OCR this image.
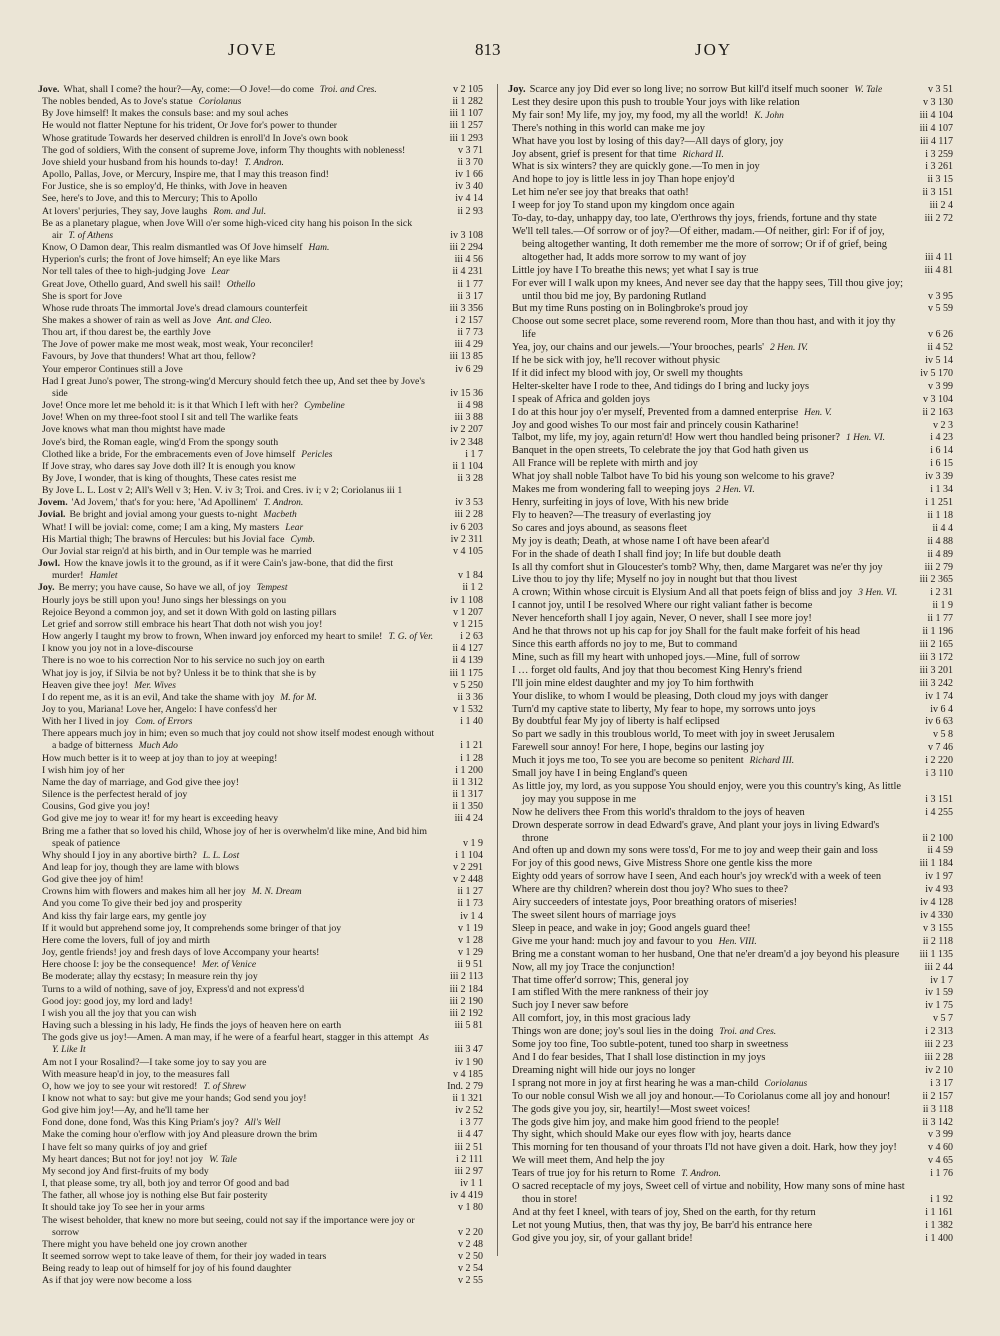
JOVE	813	JOY
Jove. What, shall I come? the hour?—Ay, come:—O Jove!—do come Troi. and Cres.	v 2 105
The nobles bended, As to Jove's statue Coriolanus	ii 1 282
By Jove himself! It makes the consuls base: and my soul aches	iii 1 107
He would not flatter Neptune for his trident, Or Jove for's power to thunder	iii 1 257
Whose gratitude Towards her deserved children is enroll'd In Jove's own book	iii 1 293
The god of soldiers, With the consent of supreme Jove, inform Thy thoughts with nobleness!	v 3 71
Jove shield your husband from his hounds to-day! T. Andron.	ii 3 70
Apollo, Pallas, Jove, or Mercury, Inspire me, that I may this treason find!	iv 1 66
For Justice, she is so employ'd, He thinks, with Jove in heaven	iv 3 40
See, here's to Jove, and this to Mercury; This to Apollo	iv 4 14
At lovers' perjuries, They say, Jove laughs Rom. and Jul.	ii 2 93
Be as a planetary plague, when Jove Will o'er some high-viced city hang his poison In the sick air T. of Athens	iv 3 108
Know, O Damon dear, This realm dismantled was Of Jove himself Ham.	iii 2 294
Hyperion's curls; the front of Jove himself; An eye like Mars	iii 4 56
Nor tell tales of thee to high-judging Jove Lear	ii 4 231
Great Jove, Othello guard, And swell his sail! Othello	ii 1 77
She is sport for Jove	ii 3 17
Whose rude throats The immortal Jove's dread clamours counterfeit	iii 3 356
She makes a shower of rain as well as Jove Ant. and Cleo.	i 2 157
Thou art, if thou darest be, the earthly Jove	ii 7 73
The Jove of power make me most weak, most weak, Your reconciler!	iii 4 29
Favours, by Jove that thunders! What art thou, fellow?	iii 13 85
Your emperor Continues still a Jove	iv 6 29
Had I great Juno's power, The strong-wing'd Mercury should fetch thee up, And set thee by Jove's side	iv 15 36
Jove! Once more let me behold it: is it that Which I left with her? Cymbeline	ii 4 98
Jove! When on my three-foot stool I sit and tell The warlike feats	iii 3 88
Jove knows what man thou mightst have made	iv 2 207
Jove's bird, the Roman eagle, wing'd From the spongy south	iv 2 348
Clothed like a bride, For the embracements even of Jove himself Pericles	i 1 7
If Jove stray, who dares say Jove doth ill? It is enough you know	ii 1 104
By Jove, I wonder, that is king of thoughts, These cates resist me	ii 3 28
By Jove L. L. Lost v 2; All's Well v 3; Hen. V. iv 3; Troi. and Cres. iv i; v 2; Coriolanus iii 1
Jovem. 'Ad Jovem,' that's for you: here, 'Ad Apollinem' T. Andron.	iv 3 53
Jovial. Be bright and jovial among your guests to-night Macbeth	iii 2 28
What! I will be jovial: come, come; I am a king, My masters Lear	iv 6 203
His Martial thigh; The brawns of Hercules: but his Jovial face Cymb.	iv 2 311
Our Jovial star reign'd at his birth, and in Our temple was he married	v 4 105
Jowl. How the knave jowls it to the ground, as if it were Cain's jaw-bone, that did the first murder! Hamlet	v 1 84
Joy. Be merry; you have cause, So have we all, of joy Tempest	ii 1 2
Hourly joys be still upon you! Juno sings her blessings on you	iv 1 108
Rejoice Beyond a common joy, and set it down With gold on lasting pillars	v 1 207
Let grief and sorrow still embrace his heart That doth not wish you joy!	v 1 215
How angerly I taught my brow to frown, When inward joy enforced my heart to smile! T. G. of Ver.	i 2 63
I know you joy not in a love-discourse	ii 4 127
There is no woe to his correction Nor to his service no such joy on earth	ii 4 139
What joy is joy, if Silvia be not by? Unless it be to think that she is by	iii 1 175
Heaven give thee joy! Mer. Wives	v 5 250
I do repent me, as it is an evil, And take the shame with joy M. for M.	ii 3 36
Joy to you, Mariana! Love her, Angelo: I have confess'd her	v 1 532
With her I lived in joy Com. of Errors	i 1 40
There appears much joy in him; even so much that joy could not show itself modest enough without a badge of bitterness Much Ado	i 1 21
How much better is it to weep at joy than to joy at weeping!	i 1 28
I wish him joy of her	i 1 200
Name the day of marriage, and God give thee joy!	ii 1 312
Silence is the perfectest herald of joy	ii 1 317
Cousins, God give you joy!	ii 1 350
God give me joy to wear it! for my heart is exceeding heavy	iii 4 24
Bring me a father that so loved his child, Whose joy of her is overwhelm'd like mine, And bid him speak of patience	v 1 9
Why should I joy in any abortive birth? L. L. Lost	i 1 104
And leap for joy, though they are lame with blows	v 2 291
God give thee joy of him!	v 2 448
Crowns him with flowers and makes him all her joy M. N. Dream	ii 1 27
And you come To give their bed joy and prosperity	ii 1 73
And kiss thy fair large ears, my gentle joy	iv 1 4
If it would but apprehend some joy, It comprehends some bringer of that joy	v 1 19
Here come the lovers, full of joy and mirth	v 1 28
Joy, gentle friends! joy and fresh days of love Accompany your hearts!	v 1 29
Here choose I: joy be the consequence! Mer. of Venice	ii 9 51
Be moderate; allay thy ecstasy; In measure rein thy joy	iii 2 113
Turns to a wild of nothing, save of joy, Express'd and not express'd	iii 2 184
Good joy: good joy, my lord and lady!	iii 2 190
I wish you all the joy that you can wish	iii 2 192
Having such a blessing in his lady, He finds the joys of heaven here on earth	iii 5 81
The gods give us joy!—Amen. A man may, if he were of a fearful heart, stagger in this attempt As Y. Like It	iii 3 47
Am not I your Rosalind?—I take some joy to say you are	iv 1 90
With measure heap'd in joy, to the measures fall	v 4 185
O, how we joy to see your wit restored! T. of Shrew	Ind. 2 79
I know not what to say: but give me your hands; God send you joy!	ii 1 321
God give him joy!—Ay, and he'll tame her	iv 2 52
Fond done, done fond, Was this King Priam's joy? All's Well	i 3 77
Make the coming hour o'erflow with joy And pleasure drown the brim	ii 4 47
I have felt so many quirks of joy and grief	iii 2 51
My heart dances; But not for joy! not joy W. Tale	i 2 111
My second joy And first-fruits of my body	iii 2 97
I, that please some, try all, both joy and terror Of good and bad	iv 1 1
The father, all whose joy is nothing else But fair posterity	iv 4 419
It should take joy To see her in your arms	v 1 80
The wisest beholder, that knew no more but seeing, could not say if the importance were joy or sorrow	v 2 20
There might you have beheld one joy crown another	v 2 48
It seemed sorrow wept to take leave of them, for their joy waded in tears	v 2 50
Being ready to leap out of himself for joy of his found daughter	v 2 54
As if that joy were now become a loss	v 2 55
Joy. Scarce any joy Did ever so long live; no sorrow But kill'd itself much sooner W. Tale	v 3 51
Lest they desire upon this push to trouble Your joys with like relation	v 3 130
My fair son! My life, my joy, my food, my all the world! K. John	iii 4 104
There's nothing in this world can make me joy	iii 4 107
What have you lost by losing of this day?—All days of glory, joy	iii 4 117
Joy absent, grief is present for that time Richard II.	i 3 259
What is six winters? they are quickly gone.—To men in joy	i 3 261
And hope to joy is little less in joy Than hope enjoy'd	ii 3 15
Let him ne'er see joy that breaks that oath!	ii 3 151
I weep for joy To stand upon my kingdom once again	iii 2 4
To-day, to-day, unhappy day, too late, O'erthrows thy joys, friends, fortune and thy state	iii 2 72
We'll tell tales.—Of sorrow or of joy?—Of either, madam.—Of neither, girl: For if of joy, being altogether wanting, It doth remember me the more of sorrow; Or if of grief, being altogether had, It adds more sorrow to my want of joy	iii 4 11
Little joy have I To breathe this news; yet what I say is true	iii 4 81
For ever will I walk upon my knees, And never see day that the happy sees, Till thou give joy; until thou bid me joy, By pardoning Rutland	v 3 95
But my time Runs posting on in Bolingbroke's proud joy	v 5 59
Choose out some secret place, some reverend room, More than thou hast, and with it joy thy life	v 6 26
Yea, joy, our chains and our jewels.—'Your brooches, pearls' 2 Hen. IV.	ii 4 52
If he be sick with joy, he'll recover without physic	iv 5 14
If it did infect my blood with joy, Or swell my thoughts	iv 5 170
Helter-skelter have I rode to thee, And tidings do I bring and lucky joys	v 3 99
I speak of Africa and golden joys	v 3 104
I do at this hour joy o'er myself, Prevented from a damned enterprise Hen. V.	ii 2 163
Joy and good wishes To our most fair and princely cousin Katharine!	v 2 3
Talbot, my life, my joy, again return'd! How wert thou handled being prisoner? 1 Hen. VI.	i 4 23
Banquet in the open streets, To celebrate the joy that God hath given us	i 6 14
All France will be replete with mirth and joy	i 6 15
What joy shall noble Talbot have To bid his young son welcome to his grave?	iv 3 39
Makes me from wondering fall to weeping joys 2 Hen. VI.	i 1 34
Henry, surfeiting in joys of love, With his new bride	i 1 251
Fly to heaven?—The treasury of everlasting joy	ii 1 18
So cares and joys abound, as seasons fleet	ii 4 4
My joy is death; Death, at whose name I oft have been afear'd	ii 4 88
For in the shade of death I shall find joy; In life but double death	ii 4 89
Is all thy comfort shut in Gloucester's tomb? Why, then, dame Margaret was ne'er thy joy	iii 2 79
Live thou to joy thy life; Myself no joy in nought but that thou livest	iii 2 365
A crown; Within whose circuit is Elysium And all that poets feign of bliss and joy 3 Hen. VI.	i 2 31
I cannot joy, until I be resolved Where our right valiant father is become	ii 1 9
Never henceforth shall I joy again, Never, O never, shall I see more joy!	ii 1 77
And he that throws not up his cap for joy Shall for the fault make forfeit of his head	ii 1 196
Since this earth affords no joy to me, But to command	iii 2 165
Mine, such as fill my heart with unhoped joys.—Mine, full of sorrow	iii 3 172
I … forget old faults, And joy that thou becomest King Henry's friend	iii 3 201
I'll join mine eldest daughter and my joy To him forthwith	iii 3 242
Your dislike, to whom I would be pleasing, Doth cloud my joys with danger	iv 1 74
Turn'd my captive state to liberty, My fear to hope, my sorrows unto joys	iv 6 4
By doubtful fear My joy of liberty is half eclipsed	iv 6 63
So part we sadly in this troublous world, To meet with joy in sweet Jerusalem	v 5 8
Farewell sour annoy! For here, I hope, begins our lasting joy	v 7 46
Much it joys me too, To see you are become so penitent Richard III.	i 2 220
Small joy have I in being England's queen	i 3 110
As little joy, my lord, as you suppose You should enjoy, were you this country's king, As little joy may you suppose in me	i 3 151
Now he delivers thee From this world's thraldom to the joys of heaven	i 4 255
Drown desperate sorrow in dead Edward's grave, And plant your joys in living Edward's throne	ii 2 100
And often up and down my sons were toss'd, For me to joy and weep their gain and loss	ii 4 59
For joy of this good news, Give Mistress Shore one gentle kiss the more	iii 1 184
Eighty odd years of sorrow have I seen, And each hour's joy wreck'd with a week of teen	iv 1 97
Where are thy children? wherein dost thou joy? Who sues to thee?	iv 4 93
Airy succeeders of intestate joys, Poor breathing orators of miseries!	iv 4 128
The sweet silent hours of marriage joys	iv 4 330
Sleep in peace, and wake in joy; Good angels guard thee!	v 3 155
Give me your hand: much joy and favour to you Hen. VIII.	ii 2 118
Bring me a constant woman to her husband, One that ne'er dream'd a joy beyond his pleasure iii 1 135
Now, all my joy Trace the conjunction!	iii 2 44
That time offer'd sorrow; This, general joy	iv 1 7
I am stifled With the mere rankness of their joy	iv 1 59
Such joy I never saw before	iv 1 75
All comfort, joy, in this most gracious lady	v 5 7
Things won are done; joy's soul lies in the doing Troi. and Cres.	i 2 313
Some joy too fine, Too subtle-potent, tuned too sharp in sweetness	iii 2 23
And I do fear besides, That I shall lose distinction in my joys	iii 2 28
Dreaming night will hide our joys no longer	iv 2 10
I sprang not more in joy at first hearing he was a man-child Coriolanus	i 3 17
To our noble consul Wish we all joy and honour.—To Coriolanus come all joy and honour!	ii 2 157
The gods give you joy, sir, heartily!—Most sweet voices!	ii 3 118
The gods give him joy, and make him good friend to the people!	ii 3 142
Thy sight, which should Make our eyes flow with joy, hearts dance	v 3 99
This morning for ten thousand of your throats I'ld not have given a doit. Hark, how they joy!	v 4 60
We will meet them, And help the joy	v 4 65
Tears of true joy for his return to Rome T. Andron.	i 1 76
O sacred receptacle of my joys, Sweet cell of virtue and nobility, How many sons of mine hast thou in store!	i 1 92
And at thy feet I kneel, with tears of joy, Shed on the earth, for thy return	i 1 161
Let not young Mutius, then, that was thy joy, Be barr'd his entrance here	i 1 382
God give you joy, sir, of your gallant bride!	i 1 400
